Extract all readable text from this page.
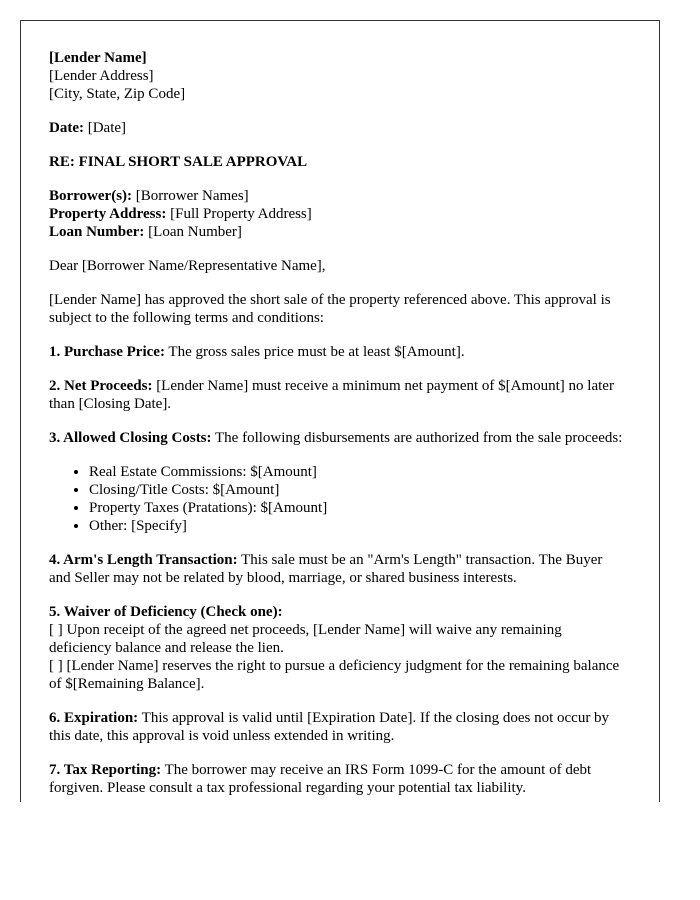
[Lender Name]
[Lender Address]
[City, State, Zip Code]

Date: [Date]

RE: FINAL SHORT SALE APPROVAL

Borrower(s): [Borrower Names]
Property Address: [Full Property Address]
Loan Number: [Loan Number]

Dear [Borrower Name/Representative Name],

[Lender Name] has approved the short sale of the property referenced above. This approval is subject to the following terms and conditions:

1. Purchase Price: The gross sales price must be at least $[Amount].

2. Net Proceeds: [Lender Name] must receive a minimum net payment of $[Amount] no later than [Closing Date].

3. Allowed Closing Costs: The following disbursements are authorized from the sale proceeds:

• Real Estate Commissions: $[Amount]
• Closing/Title Costs: $[Amount]
• Property Taxes (Pratations): $[Amount]
• Other: [Specify]

4. Arm's Length Transaction: This sale must be an "Arm's Length" transaction. The Buyer and Seller may not be related by blood, marriage, or shared business interests.

5. Waiver of Deficiency (Check one):
[ ] Upon receipt of the agreed net proceeds, [Lender Name] will waive any remaining deficiency balance and release the lien.
[ ] [Lender Name] reserves the right to pursue a deficiency judgment for the remaining balance of $[Remaining Balance].

6. Expiration: This approval is valid until [Expiration Date]. If the closing does not occur by this date, this approval is void unless extended in writing.

7. Tax Reporting: The borrower may receive an IRS Form 1099-C for the amount of debt forgiven. Please consult a tax professional regarding your potential tax liability.
